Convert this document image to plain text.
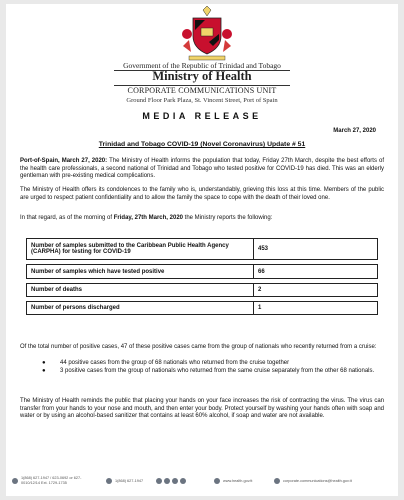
Government of the Republic of Trinidad and Tobago
Ministry of Health
CORPORATE COMMUNICATIONS UNIT
Ground Floor Park Plaza, St. Vincent Street, Port of Spain
MEDIA RELEASE
March 27, 2020
Trinidad and Tobago COVID-19 (Novel Coronavirus) Update # 51

Port-of-Spain, March 27, 2020: The Ministry of Health informs the population that today, Friday 27th March, despite the best efforts of the health care professionals, a second national of Trinidad and Tobago who tested positive for COVID-19 has died. This was an elderly gentleman with pre-existing medical complications.

The Ministry of Health offers its condolences to the family who is, understandably, grieving this loss at this time. Members of the public are urged to respect patient confidentiality and to allow the family the space to cope with the death of their loved one.

In that regard, as of the morning of Friday, 27th March, 2020 the Ministry reports the following:

Number of samples submitted to the Caribbean Public Health Agency (CARPHA) for testing for COVID-19	453

Number of samples which have tested positive	66

Number of deaths	2

Number of persons discharged	1

Of the total number of positive cases, 47 of these positive cases came from the group of nationals who recently returned from a cruise:

● 44 positive cases from the group of 68 nationals who returned from the cruise together
● 3 positive cases from the group of nationals who returned from the same cruise separately from the other 68 nationals.

The Ministry of Health reminds the public that placing your hands on your face increases the risk of contracting the virus. The virus can transfer from your hands to your nose and mouth, and then enter your body. Protect yourself by washing your hands often with soap and water or by using an alcohol-based sanitizer that contains at least 60% alcohol, if soap and water are not available.

1(868) 627-1947 / 623-0692 or 627-0010/12/14 Ext. 1729-1735	1(868) 627-1947	www.health.gov.tt	corporate.communications@health.gov.tt
